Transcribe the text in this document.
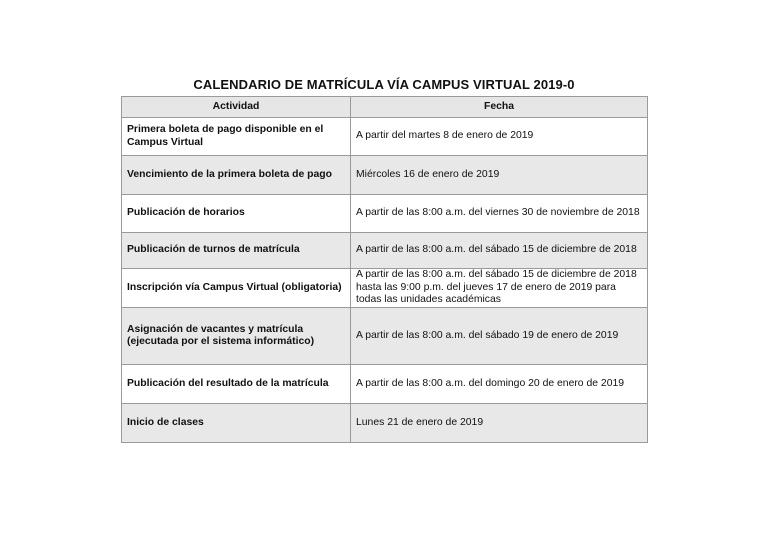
CALENDARIO DE MATRÍCULA VÍA CAMPUS VIRTUAL 2019-0
Actividad	Fecha
Primera boleta de pago disponible en el Campus Virtual	A partir del martes 8 de enero de 2019
Vencimiento de la primera boleta de pago	Miércoles 16 de enero de 2019
Publicación de horarios	A partir de las 8:00 a.m. del viernes 30 de noviembre de 2018
Publicación de turnos de matrícula	A partir de las 8:00 a.m. del sábado 15 de diciembre de 2018
Inscripción vía Campus Virtual (obligatoria)	A partir de las 8:00 a.m. del sábado 15 de diciembre de 2018 hasta las 9:00 p.m. del jueves 17 de enero de 2019 para todas las unidades académicas
Asignación de vacantes y matrícula (ejecutada por el sistema informático)	A partir de las 8:00 a.m. del sábado 19 de enero de 2019
Publicación del resultado de la matrícula	A partir de las 8:00 a.m. del domingo 20 de enero de 2019
Inicio de clases	Lunes 21 de enero de 2019
